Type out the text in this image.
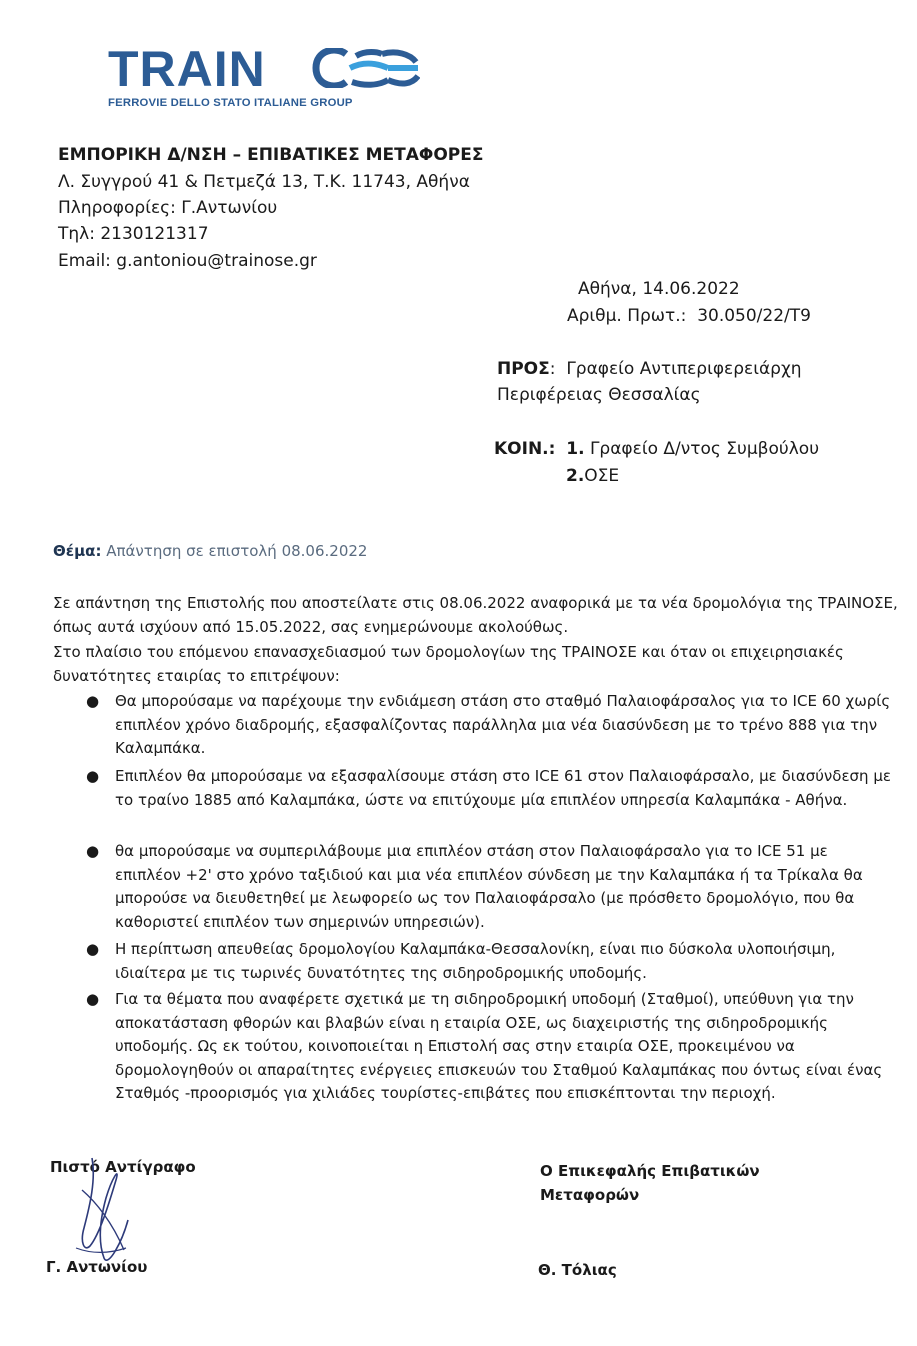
TRAIN
FERROVIE DELLO STATO ITALIANE GROUP
ΕΜΠΟΡΙΚΗ Δ/ΝΣΗ – ΕΠΙΒΑΤΙΚΕΣ ΜΕΤΑΦΟΡΕΣ
Λ. Συγγρού 41 & Πετμεζά 13, Τ.Κ. 11743, Αθήνα
Πληροφορίες: Γ.Αντωνίου
Τηλ: 2130121317
Email: g.antoniou@trainose.gr
Αθήνα, 14.06.2022
Αριθμ. Πρωτ.: 30.050/22/Τ9
ΠΡΟΣ:  Γραφείο Αντιπεριφερειάρχη
Περιφέρειας Θεσσαλίας
ΚΟΙΝ.: 1. Γραφείο Δ/ντος Συμβούλου
2.ΟΣΕ
Θέμα: Απάντηση σε επιστολή 08.06.2022
Σε απάντηση της Επιστολής που αποστείλατε στις 08.06.2022 αναφορικά με τα νέα δρομολόγια της ΤΡΑΙΝΟΣΕ, όπως αυτά ισχύουν από 15.05.2022, σας ενημερώνουμε ακολούθως.
Στο πλαίσιο του επόμενου επανασχεδιασμού των δρομολογίων της ΤΡΑΙΝΟΣΕ και όταν οι επιχειρησιακές δυνατότητες εταιρίας το επιτρέψουν:
● Θα μπορούσαμε να παρέχουμε την ενδιάμεση στάση στο σταθμό Παλαιοφάρσαλος για το ICE 60 χωρίς επιπλέον χρόνο διαδρομής, εξασφαλίζοντας παράλληλα μια νέα διασύνδεση με το τρένο 888 για την Καλαμπάκα.
● Επιπλέον θα μπορούσαμε να εξασφαλίσουμε στάση στο ICE 61 στον Παλαιοφάρσαλο, με διασύνδεση με το τραίνο 1885 από Καλαμπάκα, ώστε να επιτύχουμε μία επιπλέον υπηρεσία Καλαμπάκα - Αθήνα.
● θα μπορούσαμε να συμπεριλάβουμε μια επιπλέον στάση στον Παλαιοφάρσαλο για το ICE 51 με επιπλέον +2' στο χρόνο ταξιδιού και μια νέα επιπλέον σύνδεση με την Καλαμπάκα ή τα Τρίκαλα θα μπορούσε να διευθετηθεί με λεωφορείο ως τον Παλαιοφάρσαλο (με πρόσθετο δρομολόγιο, που θα καθοριστεί επιπλέον των σημερινών υπηρεσιών).
● Η περίπτωση απευθείας δρομολογίου Καλαμπάκα-Θεσσαλονίκη, είναι πιο δύσκολα υλοποιήσιμη, ιδιαίτερα με τις τωρινές δυνατότητες της σιδηροδρομικής υποδομής.
● Για τα θέματα που αναφέρετε σχετικά με τη σιδηροδρομική υποδομή (Σταθμοί), υπεύθυνη για την αποκατάσταση φθορών και βλαβών είναι η εταιρία ΟΣΕ, ως διαχειριστής της σιδηροδρομικής υποδομής. Ως εκ τούτου, κοινοποιείται η Επιστολή σας στην εταιρία ΟΣΕ, προκειμένου να δρομολογηθούν οι απαραίτητες ενέργειες επισκευών του Σταθμού Καλαμπάκας που όντως είναι ένας Σταθμός -προορισμός για χιλιάδες τουρίστες-επιβάτες που επισκέπτονται την περιοχή.
Πιστό Αντίγραφο
Γ. Αντωνίου
Ο Επικεφαλής Επιβατικών
Μεταφορών
Θ. Τόλιας
